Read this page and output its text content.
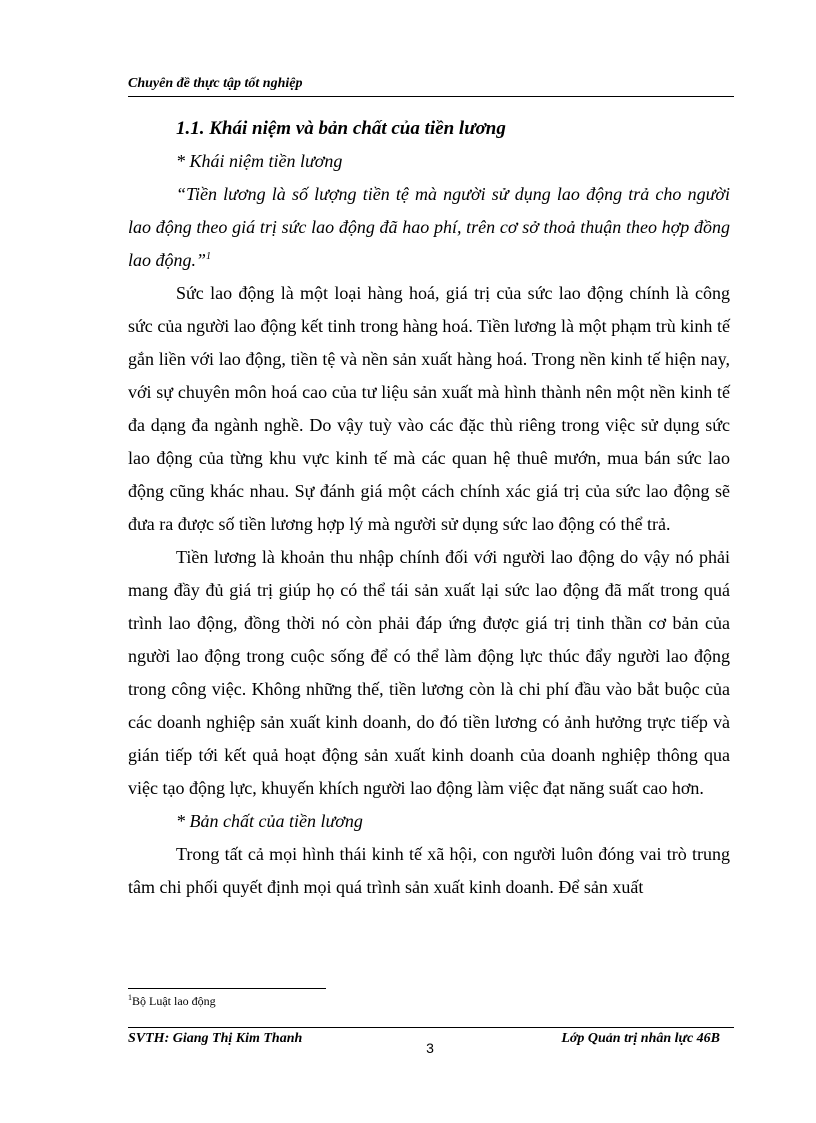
Chuyên đề thực tập tốt nghiệp

1.1. Khái niệm và bản chất của tiền lương

* Khái niệm tiền lương

“Tiền lương là số lượng tiền tệ mà người sử dụng lao động trả cho người lao động theo giá trị sức lao động đã hao phí, trên cơ sở thoả thuận theo hợp đồng lao động.”$^1$

Sức lao động là một loại hàng hoá, giá trị của sức lao động chính là công sức của người lao động kết tinh trong hàng hoá. Tiền lương là một phạm trù kinh tế gắn liền với lao động, tiền tệ và nền sản xuất hàng hoá. Trong nền kinh tế hiện nay, với sự chuyên môn hoá cao của tư liệu sản xuất mà hình thành nên một nền kinh tế đa dạng đa ngành nghề. Do vậy tuỳ vào các đặc thù riêng trong việc sử dụng sức lao động của từng khu vực kinh tế mà các quan hệ thuê mướn, mua bán sức lao động cũng khác nhau. Sự đánh giá một cách chính xác giá trị của sức lao động sẽ đưa ra được số tiền lương hợp lý mà người sử dụng sức lao động có thể trả.

Tiền lương là khoản thu nhập chính đối với người lao động do vậy nó phải mang đầy đủ giá trị giúp họ có thể tái sản xuất lại sức lao động đã mất trong quá trình lao động, đồng thời nó còn phải đáp ứng được giá trị tinh thần cơ bản của người lao động trong cuộc sống để có thể làm động lực thúc đẩy người lao động trong công việc. Không những thế, tiền lương còn là chi phí đầu vào bắt buộc của các doanh nghiệp sản xuất kinh doanh, do đó tiền lương có ảnh hưởng trực tiếp và gián tiếp tới kết quả hoạt động sản xuất kinh doanh của doanh nghiệp thông qua việc tạo động lực, khuyến khích người lao động làm việc đạt năng suất cao hơn.

* Bản chất của tiền lương

Trong tất cả mọi hình thái kinh tế xã hội, con người luôn đóng vai trò trung tâm chi phối quyết định mọi quá trình sản xuất kinh doanh. Để sản xuất

$^1$Bộ Luật lao động
SVTH: Giang Thị Kim Thanh
3
Lớp Quản trị nhân lực 46B
